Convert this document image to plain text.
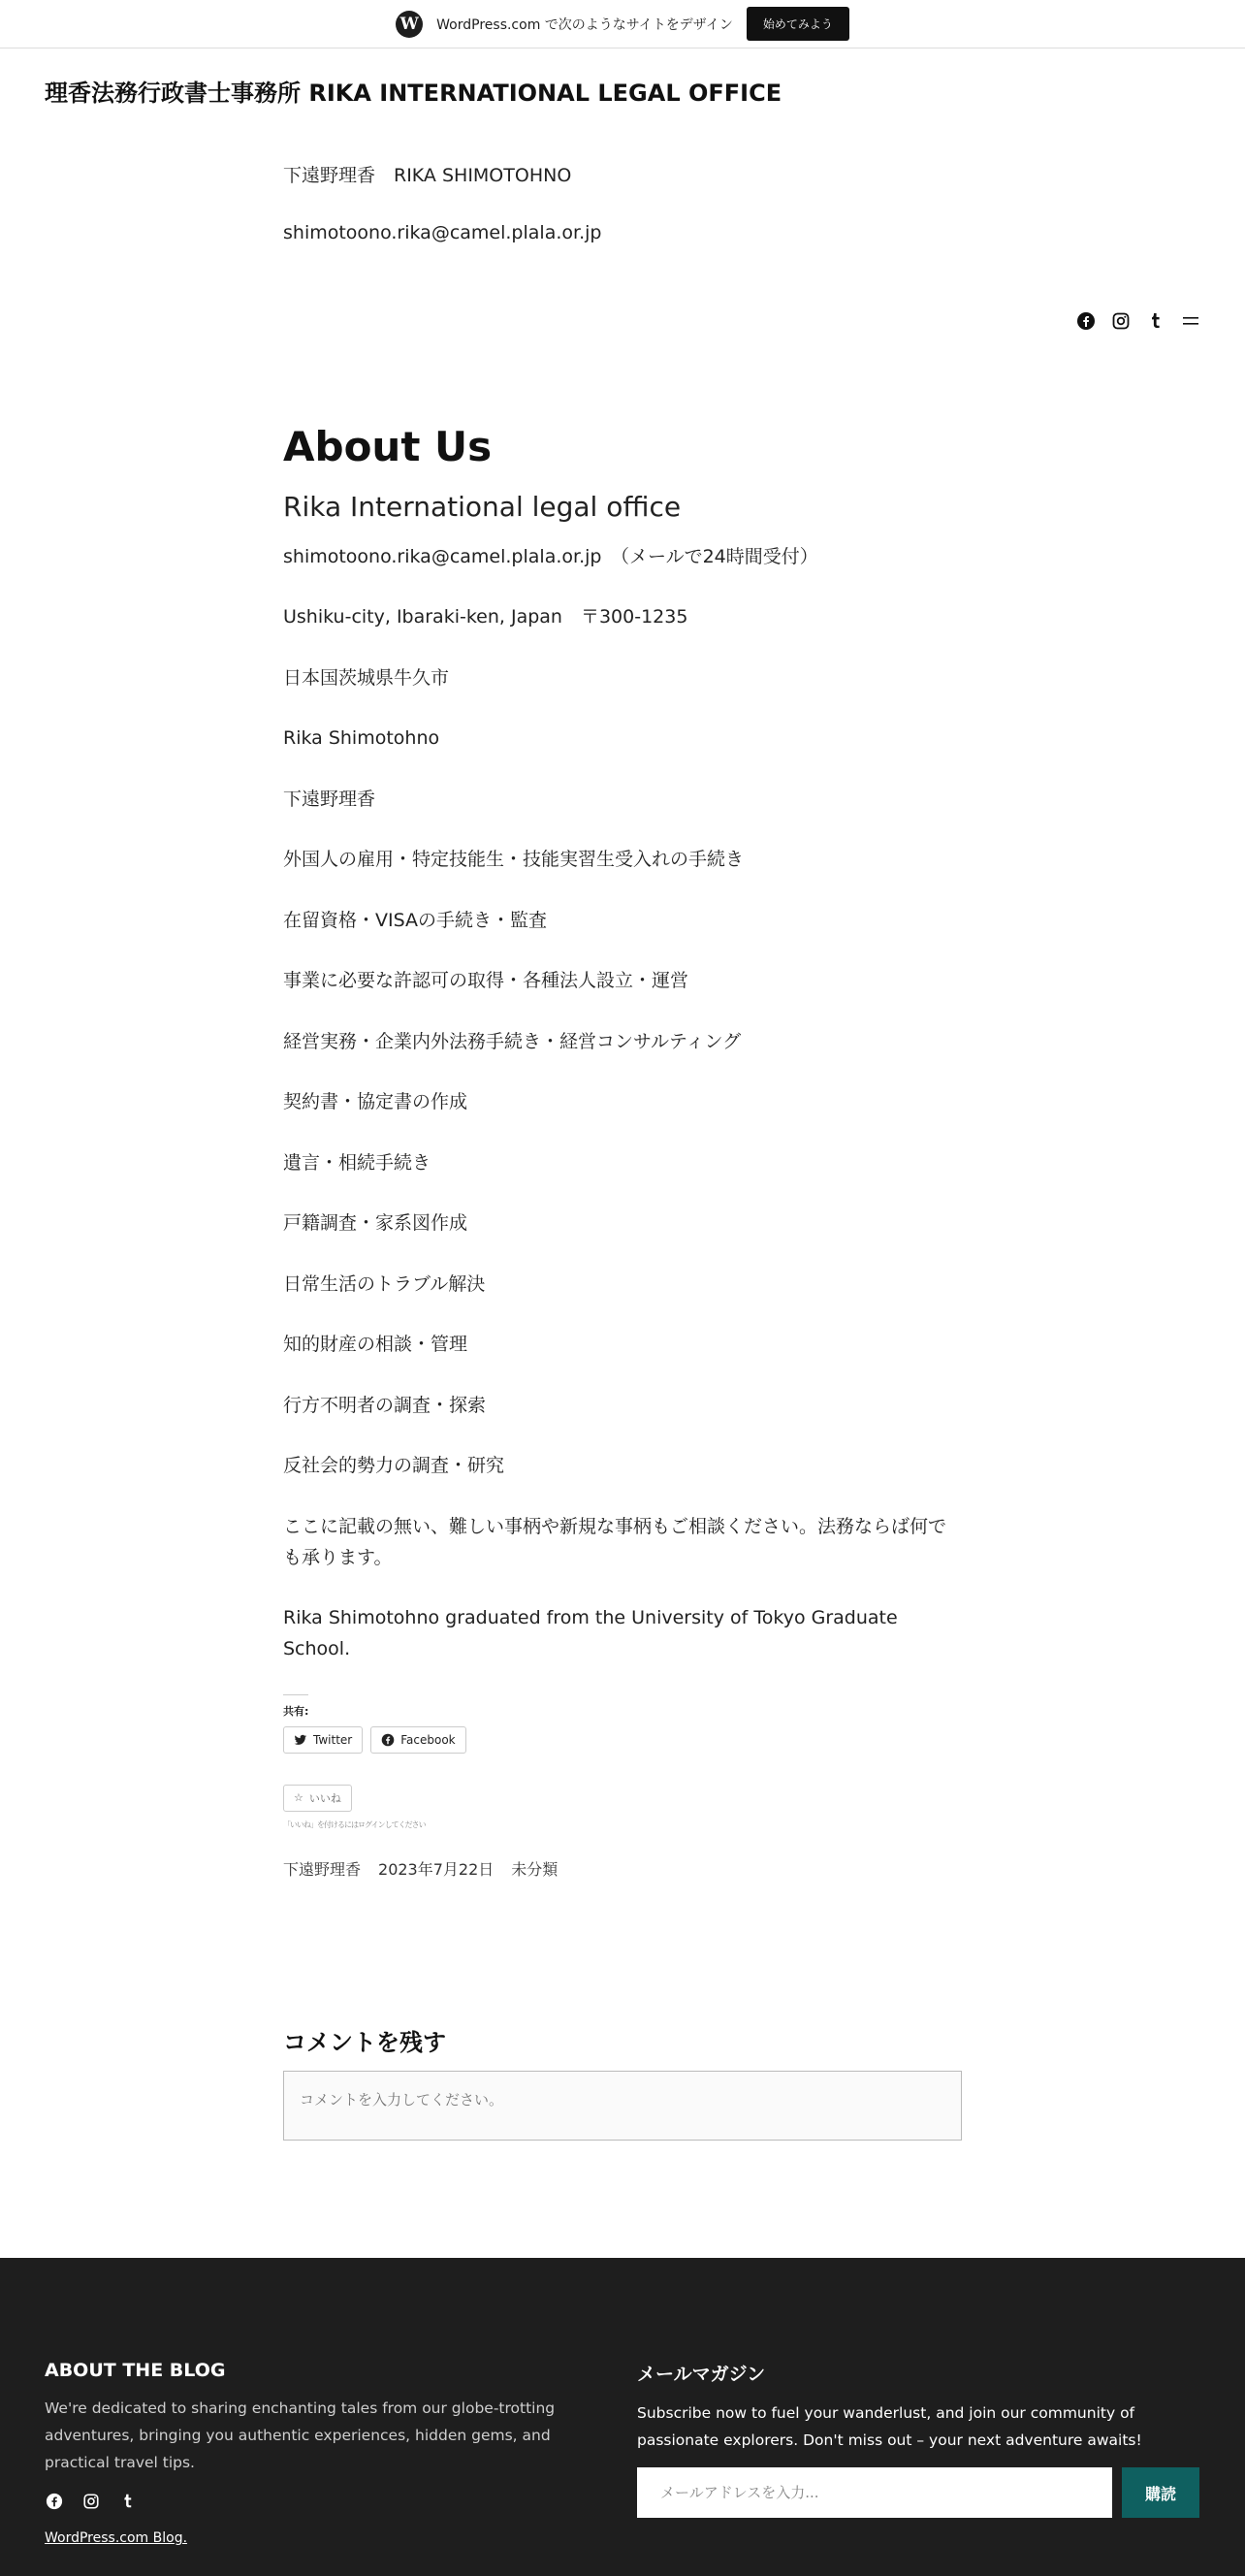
W	WordPress.com で次のようなサイトをデザイン	始めてみよう
理香法務行政書士事務所 RIKA INTERNATIONAL LEGAL OFFICE
下遠野理香　RIKA SHIMOTOHNO
shimotoono.rika@camel.plala.or.jp
About Us
Rika International legal office

shimotoono.rika@camel.plala.or.jp　（メールで24時間受付）

Ushiku-city, Ibaraki-ken, Japan　〒300-1235

日本国茨城県牛久市

Rika Shimotohno

下遠野理香

外国人の雇用・特定技能生・技能実習生受入れの手続き

在留資格・VISAの手続き・監査

事業に必要な許認可の取得・各種法人設立・運営

経営実務・企業内外法務手続き・経営コンサルティング

契約書・協定書の作成

遺言・相続手続き

戸籍調査・家系図作成

日常生活のトラブル解決

知的財産の相談・管理

行方不明者の調査・探索

反社会的勢力の調査・研究

ここに記載の無い、難しい事柄や新規な事柄もご相談ください。法務ならば何でも承ります。

Rika Shimotohno graduated from the University of Tokyo Graduate School.

共有:
Twitter	Facebook
☆ いいね
「いいね」を付けるにはログインしてください
下遠野理香 2023年7月22日 未分類
コメントを残す
コメントを入力してください。
ABOUT THE BLOG
We're dedicated to sharing enchanting tales from our globe-trotting adventures, bringing you authentic experiences, hidden gems, and practical travel tips.
WordPress.com Blog.
メールマガジン
Subscribe now to fuel your wanderlust, and join our community of passionate explorers. Don't miss out – your next adventure awaits!
メールアドレスを入力...
購読
